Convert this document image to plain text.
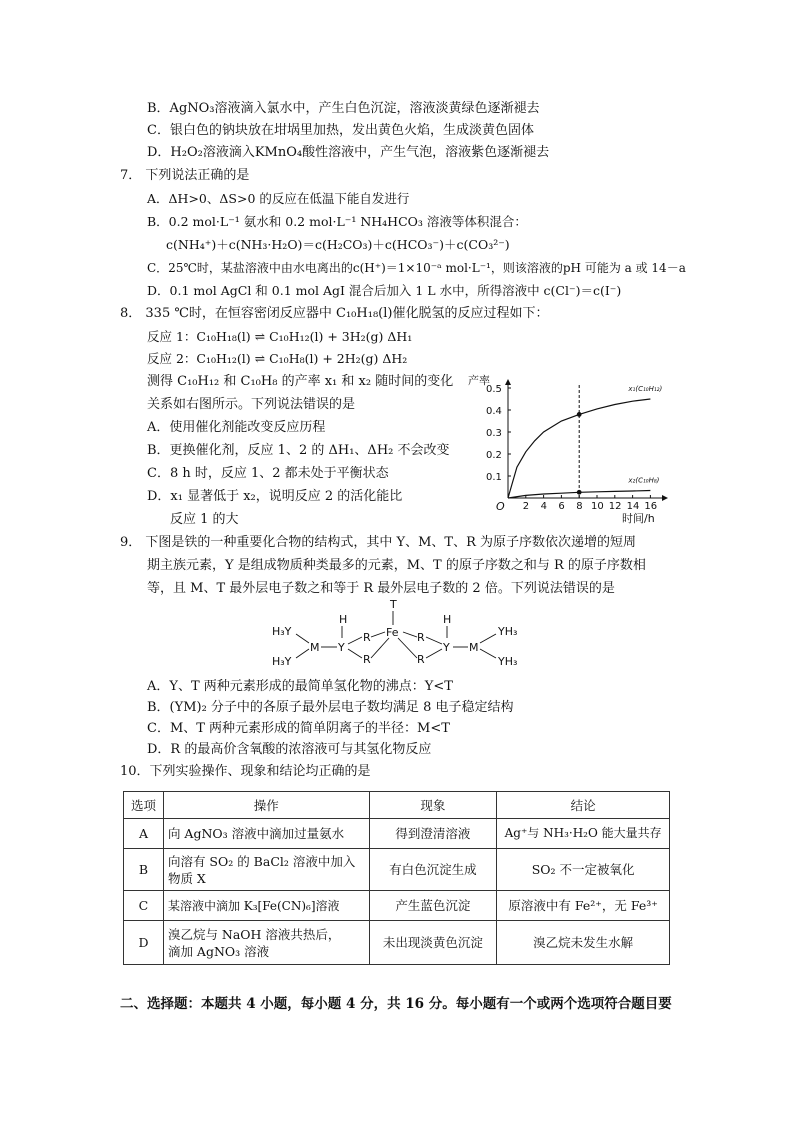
B．AgNO₃溶液滴入氯水中，产生白色沉淀，溶液淡黄绿色逐渐褪去
C．银白色的钠块放在坩埚里加热，发出黄色火焰，生成淡黄色固体
D．H₂O₂溶液滴入KMnO₄酸性溶液中，产生气泡，溶液紫色逐渐褪去
7． 下列说法正确的是
A．ΔH>0、ΔS>0 的反应在低温下能自发进行
B．0.2 mol·L⁻¹ 氨水和 0.2 mol·L⁻¹ NH₄HCO₃ 溶液等体积混合：
c(NH₄⁺)＋c(NH₃·H₂O)＝c(H₂CO₃)＋c(HCO₃⁻)＋c(CO₃²⁻)
C．25℃时，某盐溶液中由水电离出的c(H⁺)＝1×10⁻ᵃ mol·L⁻¹，则该溶液的pH 可能为 a 或 14－a
D．0.1 mol AgCl 和 0.1 mol AgI 混合后加入 1 L 水中，所得溶液中 c(Cl⁻)＝c(I⁻)
8． 335 ℃时，在恒容密闭反应器中 C₁₀H₁₈(l)催化脱氢的反应过程如下：
反应 1：C₁₀H₁₈(l) ⇌ C₁₀H₁₂(l) + 3H₂(g) ΔH₁
反应 2：C₁₀H₁₂(l) ⇌ C₁₀H₈(l) + 2H₂(g) ΔH₂
测得 C₁₀H₁₂ 和 C₁₀H₈ 的产率 x₁ 和 x₂ 随时间的变化
关系如右图所示。下列说法错误的是
A．使用催化剂能改变反应历程
B．更换催化剂，反应 1、2 的 ΔH₁、ΔH₂ 不会改变
C．8 h 时，反应 1、2 都未处于平衡状态
D．x₁ 显著低于 x₂，说明反应 2 的活化能比
反应 1 的大
产率
时间/h
O
0.1
0.2
0.3
0.4
0.5
2 4 6 8 10 12 14 16
x₁(C₁₀H₁₂)
x₂(C₁₀H₈)
9． 下图是铁的一种重要化合物的结构式，其中 Y、M、T、R 为原子序数依次递增的短周
期主族元素，Y 是组成物质种类最多的元素，M、T 的原子序数之和与 R 的原子序数相
等，且 M、T 最外层电子数之和等于 R 最外层电子数的 2 倍。下列说法错误的是
H₃Y
H₃Y
M Y
H
R
R
Fe
T
R
R
H
Y M
YH₃
YH₃
A．Y、T 两种元素形成的最简单氢化物的沸点：Y<T
B．(YM)₂ 分子中的各原子最外层电子数均满足 8 电子稳定结构
C．M、T 两种元素形成的简单阴离子的半径：M<T
D．R 的最高价含氧酸的浓溶液可与其氢化物反应
10．下列实验操作、现象和结论均正确的是
选项	操作	现象	结论
A	向 AgNO₃ 溶液中滴加过量氨水	得到澄清溶液	Ag⁺与 NH₃·H₂O 能大量共存
B	向溶有 SO₂ 的 BaCl₂ 溶液中加入
物质 X	有白色沉淀生成	SO₂ 不一定被氧化
C	某溶液中滴加 K₃[Fe(CN)₆]溶液	产生蓝色沉淀	原溶液中有 Fe²⁺，无 Fe³⁺
D	溴乙烷与 NaOH 溶液共热后，
滴加 AgNO₃ 溶液	未出现淡黄色沉淀	溴乙烷未发生水解
二、选择题：本题共 4 小题，每小题 4 分，共 16 分。每小题有一个或两个选项符合题目要
